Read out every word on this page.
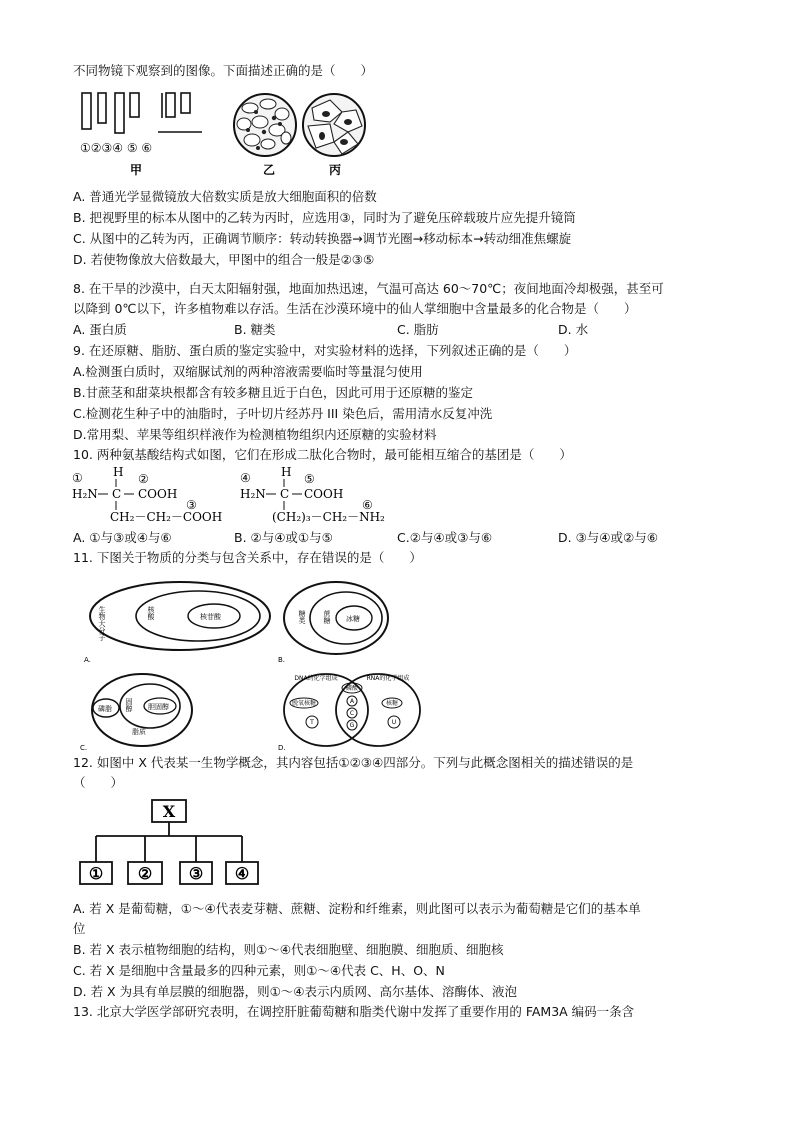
不同物镜下观察到的图像。下面描述正确的是（　　）
①②③④ ⑤ ⑥
甲	乙	丙
A. 普通光学显微镜放大倍数实质是放大细胞面积的倍数
B. 把视野里的标本从图中的乙转为丙时，应选用③，同时为了避免压碎载玻片应先提升镜筒
C. 从图中的乙转为丙，正确调节顺序：转动转换器→调节光圈→移动标本→转动细准焦螺旋
D. 若使物像放大倍数最大，甲图中的组合一般是②③⑤
8. 在干旱的沙漠中，白天太阳辐射强，地面加热迅速，气温可高达 60～70℃；夜间地面冷却极强，甚至可
以降到 0℃以下，许多植物难以存活。生活在沙漠环境中的仙人掌细胞中含量最多的化合物是（　　）
A. 蛋白质	B. 糖类	C. 脂肪	D. 水
9. 在还原糖、脂肪、蛋白质的鉴定实验中，对实验材料的选择，下列叙述正确的是（　　）
A.检测蛋白质时，双缩脲试剂的两种溶液需要临时等量混匀使用
B.甘蔗茎和甜菜块根都含有较多糖且近于白色，因此可用于还原糖的鉴定
C.检测花生种子中的油脂时，子叶切片经苏丹 III 染色后，需用清水反复冲洗
D.常用梨、苹果等组织样液作为检测植物组织内还原糖的实验材料
10. 两种氨基酸结构式如图，它们在形成二肽化合物时，最可能相互缩合的基团是（　　）
H ②
①
H₂N C COOH
③
CH₂－CH₂－COOH
H
④	⑤
H₂N C COOH
⑥
(CH₂)₃－CH₂－NH₂
A. ①与③或④与⑥	B. ②与④或①与⑤	C.②与④或③与⑥	D. ③与④或②与⑥
11. 下图关于物质的分类与包含关系中，存在错误的是（　　）
生物大分子	核酸	核苷酸
A.
糖类 蔗糖 冰糖
B.
磷脂 固醇 胆固醇
脂质
C.
DNA的化学组成	RNA的化学组成
磷酸
脱氧核糖	核糖
A
C
G
T	U
D.
12. 如图中 X 代表某一生物学概念，其内容包括①②③④四部分。下列与此概念图相关的描述错误的是
（　　）
X
① ② ③ ④
A. 若 X 是葡萄糖，①～④代表麦芽糖、蔗糖、淀粉和纤维素，则此图可以表示为葡萄糖是它们的基本单
位
B. 若 X 表示植物细胞的结构，则①～④代表细胞壁、细胞膜、细胞质、细胞核
C. 若 X 是细胞中含量最多的四种元素，则①～④代表 C、H、O、N
D. 若 X 为具有单层膜的细胞器，则①～④表示内质网、高尔基体、溶酶体、液泡
13. 北京大学医学部研究表明，在调控肝脏葡萄糖和脂类代谢中发挥了重要作用的 FAM3A 编码一条含
